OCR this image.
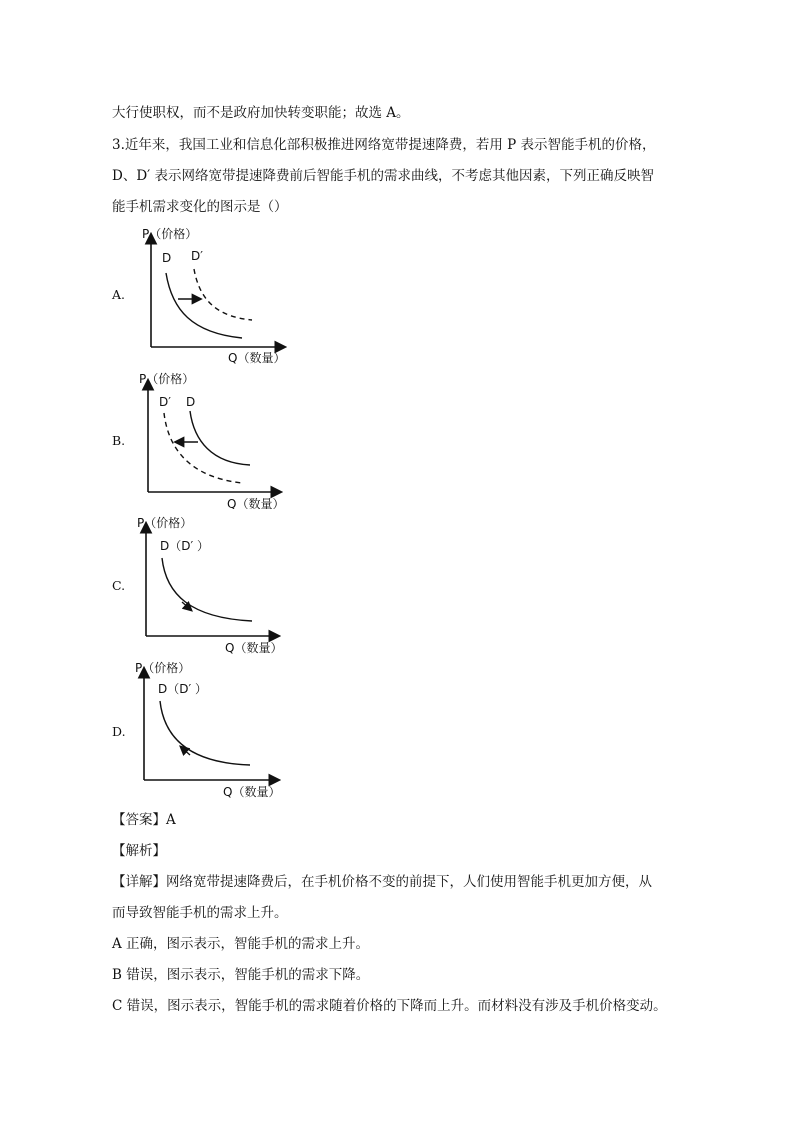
大行使职权，而不是政府加快转变职能；故选 A。
3.近年来，我国工业和信息化部积极推进网络宽带提速降费，若用 P 表示智能手机的价格，
D、D′ 表示网络宽带提速降费前后智能手机的需求曲线，不考虑其他因素，下列正确反映智
能手机需求变化的图示是（）
A.
P（价格）
Q（数量）
D D′
B.
P（价格）
Q（数量）
D′ D
C.
P（价格）
Q（数量）
D（D′ ）
D.
P（价格）
Q（数量）
D（D′ ）
【答案】A
【解析】
【详解】网络宽带提速降费后，在手机价格不变的前提下，人们使用智能手机更加方便，从
而导致智能手机的需求上升。
A 正确，图示表示，智能手机的需求上升。
B 错误，图示表示，智能手机的需求下降。
C 错误，图示表示，智能手机的需求随着价格的下降而上升。而材料没有涉及手机价格变动。
